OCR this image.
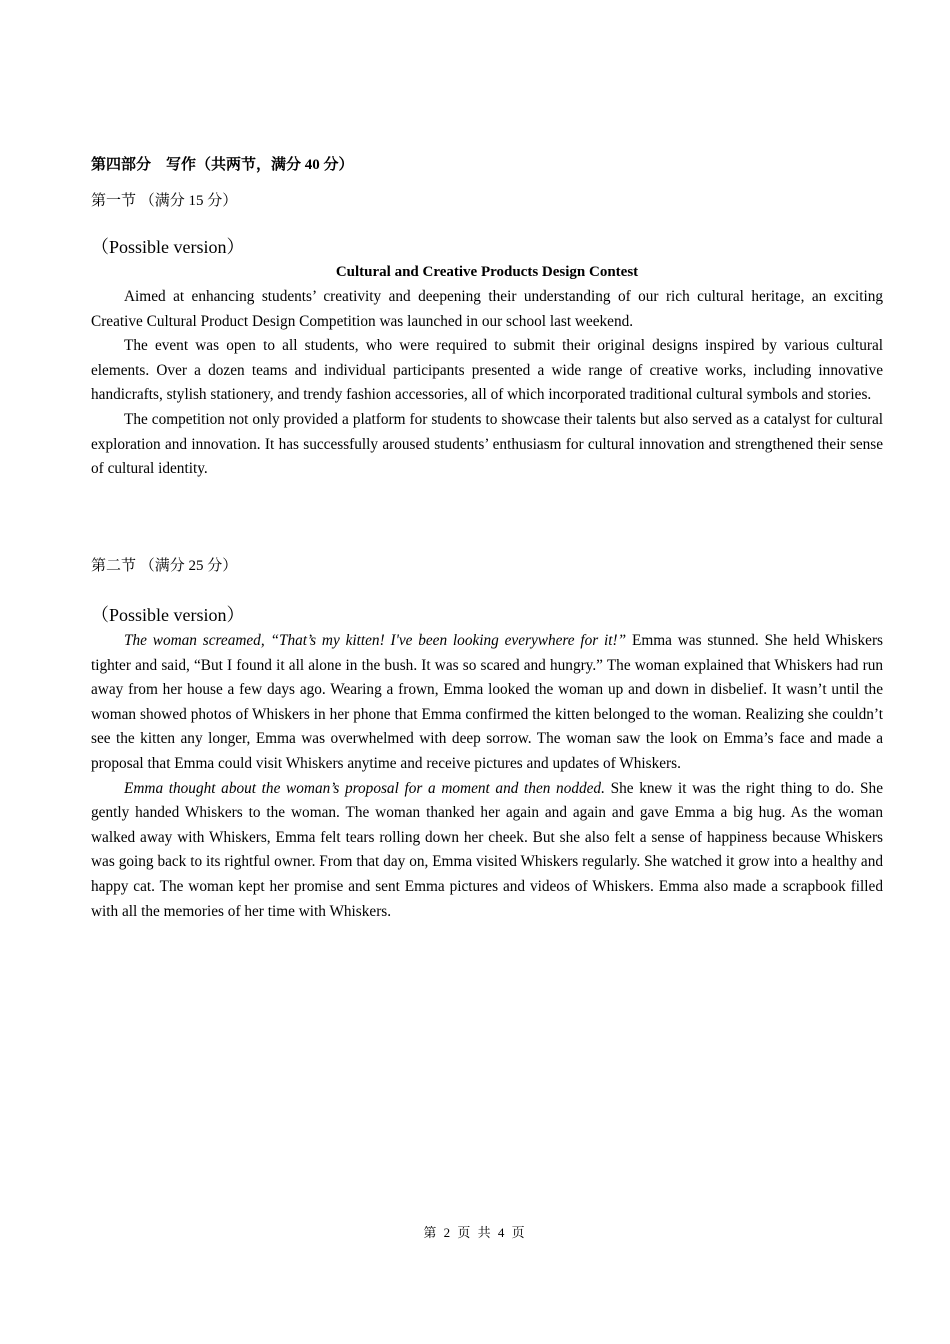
第四部分　写作（共两节，满分 40 分）
第一节 （满分 15 分）
（Possible version）
Cultural and Creative Products Design Contest

Aimed at enhancing students’ creativity and deepening their understanding of our rich cultural heritage, an exciting Creative Cultural Product Design Competition was launched in our school last weekend.

The event was open to all students, who were required to submit their original designs inspired by various cultural elements. Over a dozen teams and individual participants presented a wide range of creative works, including innovative handicrafts, stylish stationery, and trendy fashion accessories, all of which incorporated traditional cultural symbols and stories.

The competition not only provided a platform for students to showcase their talents but also served as a catalyst for cultural exploration and innovation. It has successfully aroused students’ enthusiasm for cultural innovation and strengthened their sense of cultural identity.

第二节 （满分 25 分）
（Possible version）

The woman screamed, “That’s my kitten! I've been looking everywhere for it!” Emma was stunned. She held Whiskers tighter and said, “But I found it all alone in the bush. It was so scared and hungry.” The woman explained that Whiskers had run away from her house a few days ago. Wearing a frown, Emma looked the woman up and down in disbelief. It wasn’t until the woman showed photos of Whiskers in her phone that Emma confirmed the kitten belonged to the woman. Realizing she couldn’t see the kitten any longer, Emma was overwhelmed with deep sorrow. The woman saw the look on Emma’s face and made a proposal that Emma could visit Whiskers anytime and receive pictures and updates of Whiskers.

Emma thought about the woman’s proposal for a moment and then nodded. She knew it was the right thing to do. She gently handed Whiskers to the woman. The woman thanked her again and again and gave Emma a big hug. As the woman walked away with Whiskers, Emma felt tears rolling down her cheek. But she also felt a sense of happiness because Whiskers was going back to its rightful owner. From that day on, Emma visited Whiskers regularly. She watched it grow into a healthy and happy cat. The woman kept her promise and sent Emma pictures and videos of Whiskers. Emma also made a scrapbook filled with all the memories of her time with Whiskers.

第 2 页 共 4 页
